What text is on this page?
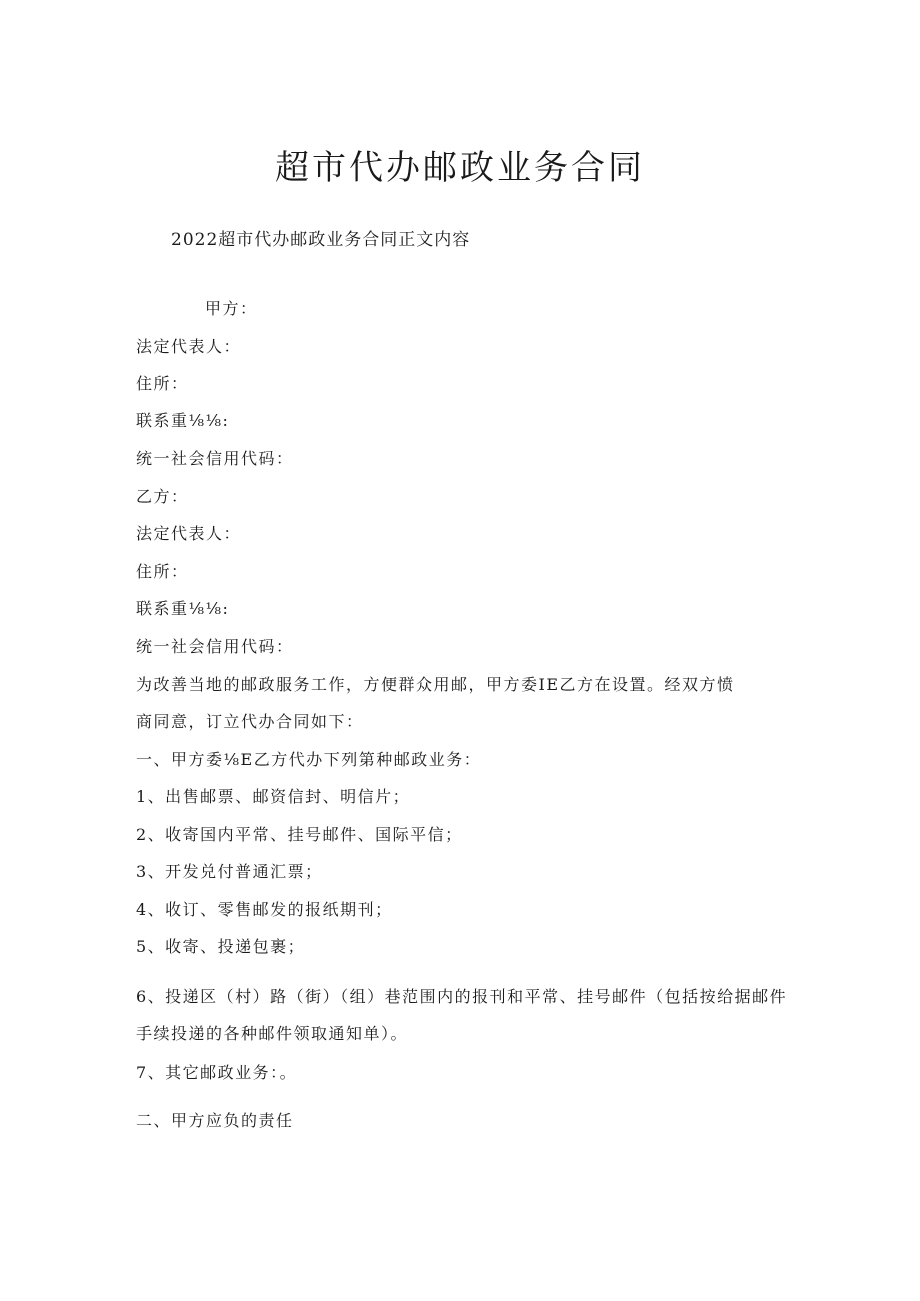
超市代办邮政业务合同

2022超市代办邮政业务合同正文内容

甲方：

法定代表人：

住所：

联系重⅛⅛:

统一社会信用代码：

乙方：

法定代表人：

住所：

联系重⅛⅛:

统一社会信用代码：

为改善当地的邮政服务工作，方便群众用邮，甲方委IE乙方在设置。经双方愤

商同意，订立代办合同如下：

一、甲方委⅛E乙方代办下列第种邮政业务：

1、出售邮票、邮资信封、明信片；

2、收寄国内平常、挂号邮件、国际平信；

3、开发兑付普通汇票；

4、收订、零售邮发的报纸期刊；

5、收寄、投递包裹；

6、投递区（村）路（街）（组）巷范围内的报刊和平常、挂号邮件（包括按给据邮件

手续投递的各种邮件领取通知单）。

7、其它邮政业务：。

二、甲方应负的责任
